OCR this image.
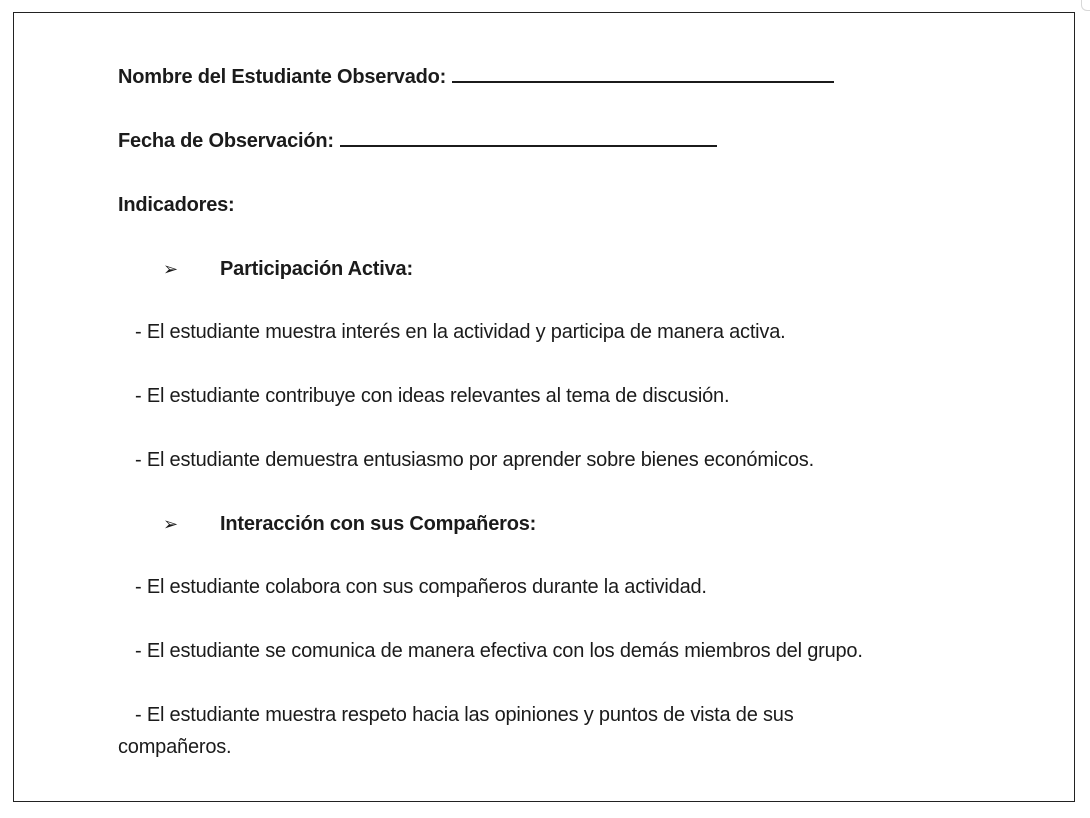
Nombre del Estudiante Observado:
Fecha de Observación:
Indicadores:
➢ Participación Activa:
- El estudiante muestra interés en la actividad y participa de manera activa.
- El estudiante contribuye con ideas relevantes al tema de discusión.
- El estudiante demuestra entusiasmo por aprender sobre bienes económicos.
➢ Interacción con sus Compañeros:
- El estudiante colabora con sus compañeros durante la actividad.
- El estudiante se comunica de manera efectiva con los demás miembros del grupo.
- El estudiante muestra respeto hacia las opiniones y puntos de vista de sus
compañeros.
